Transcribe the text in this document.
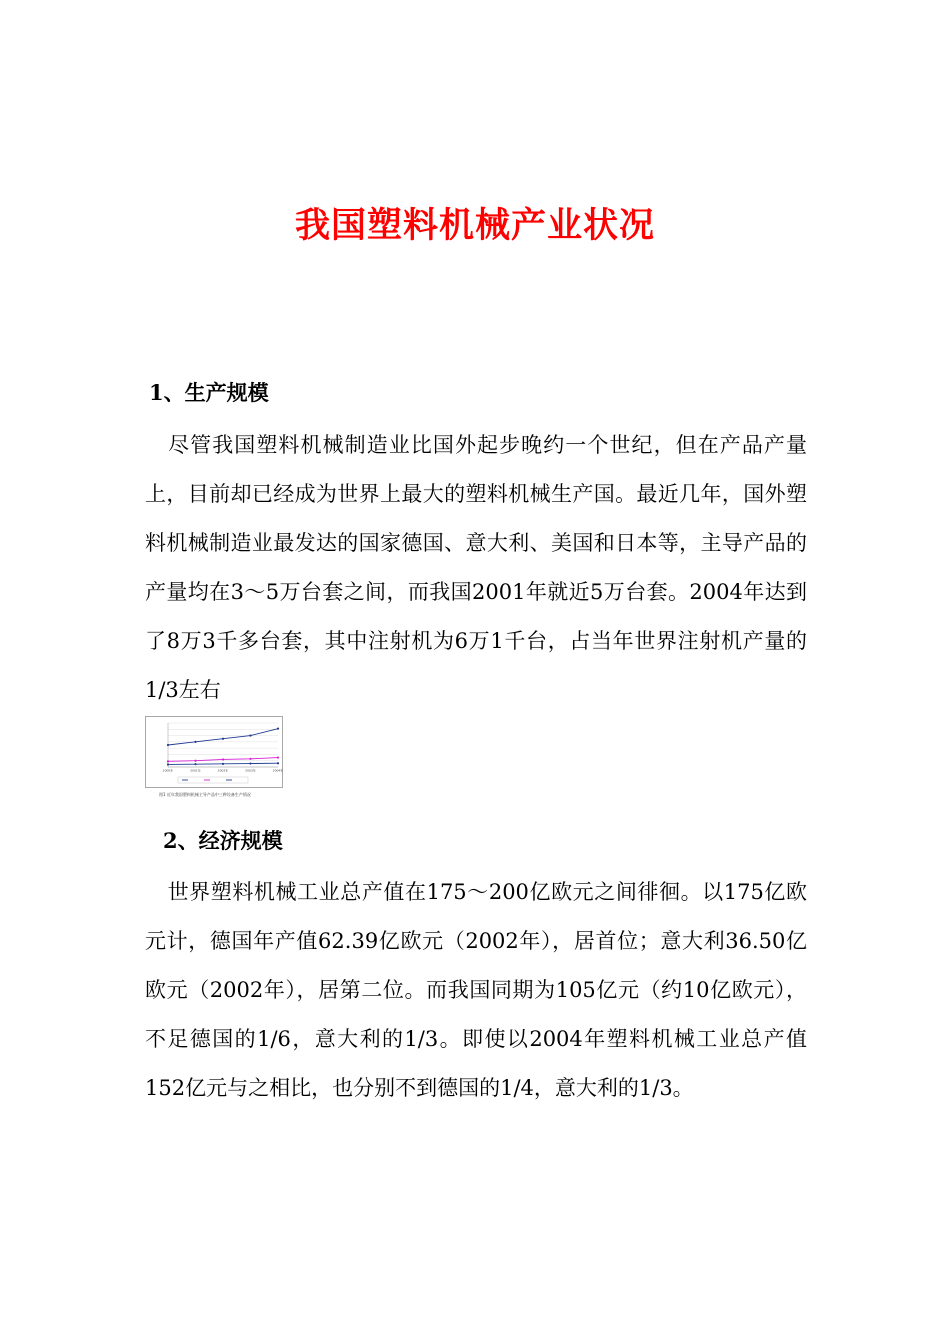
我国塑料机械产业状况
1、生产规模

尽管我国塑料机械制造业比国外起步晚约一个世纪，但在产品产量上，目前却已经成为世界上最大的塑料机械生产国。最近几年，国外塑料机械制造业最发达的国家德国、意大利、美国和日本等，主导产品的产量均在3～5万台套之间，而我国2001年就近5万台套。2004年达到了8万3千多台套，其中注射机为6万1千台，占当年世界注射机产量的1/3左右

2000年	2001年	2002年	2003年	2004年
图1 近年我国塑料机械主导产品中三种设备生产情况
2、经济规模

世界塑料机械工业总产值在175～200亿欧元之间徘徊。以175亿欧元计，德国年产值62.39亿欧元（2002年），居首位；意大利36.50亿欧元（2002年），居第二位。而我国同期为105亿元（约10亿欧元），不足德国的1/6，意大利的1/3。即使以2004年塑料机械工业总产值152亿元与之相比，也分别不到德国的1/4，意大利的1/3。
